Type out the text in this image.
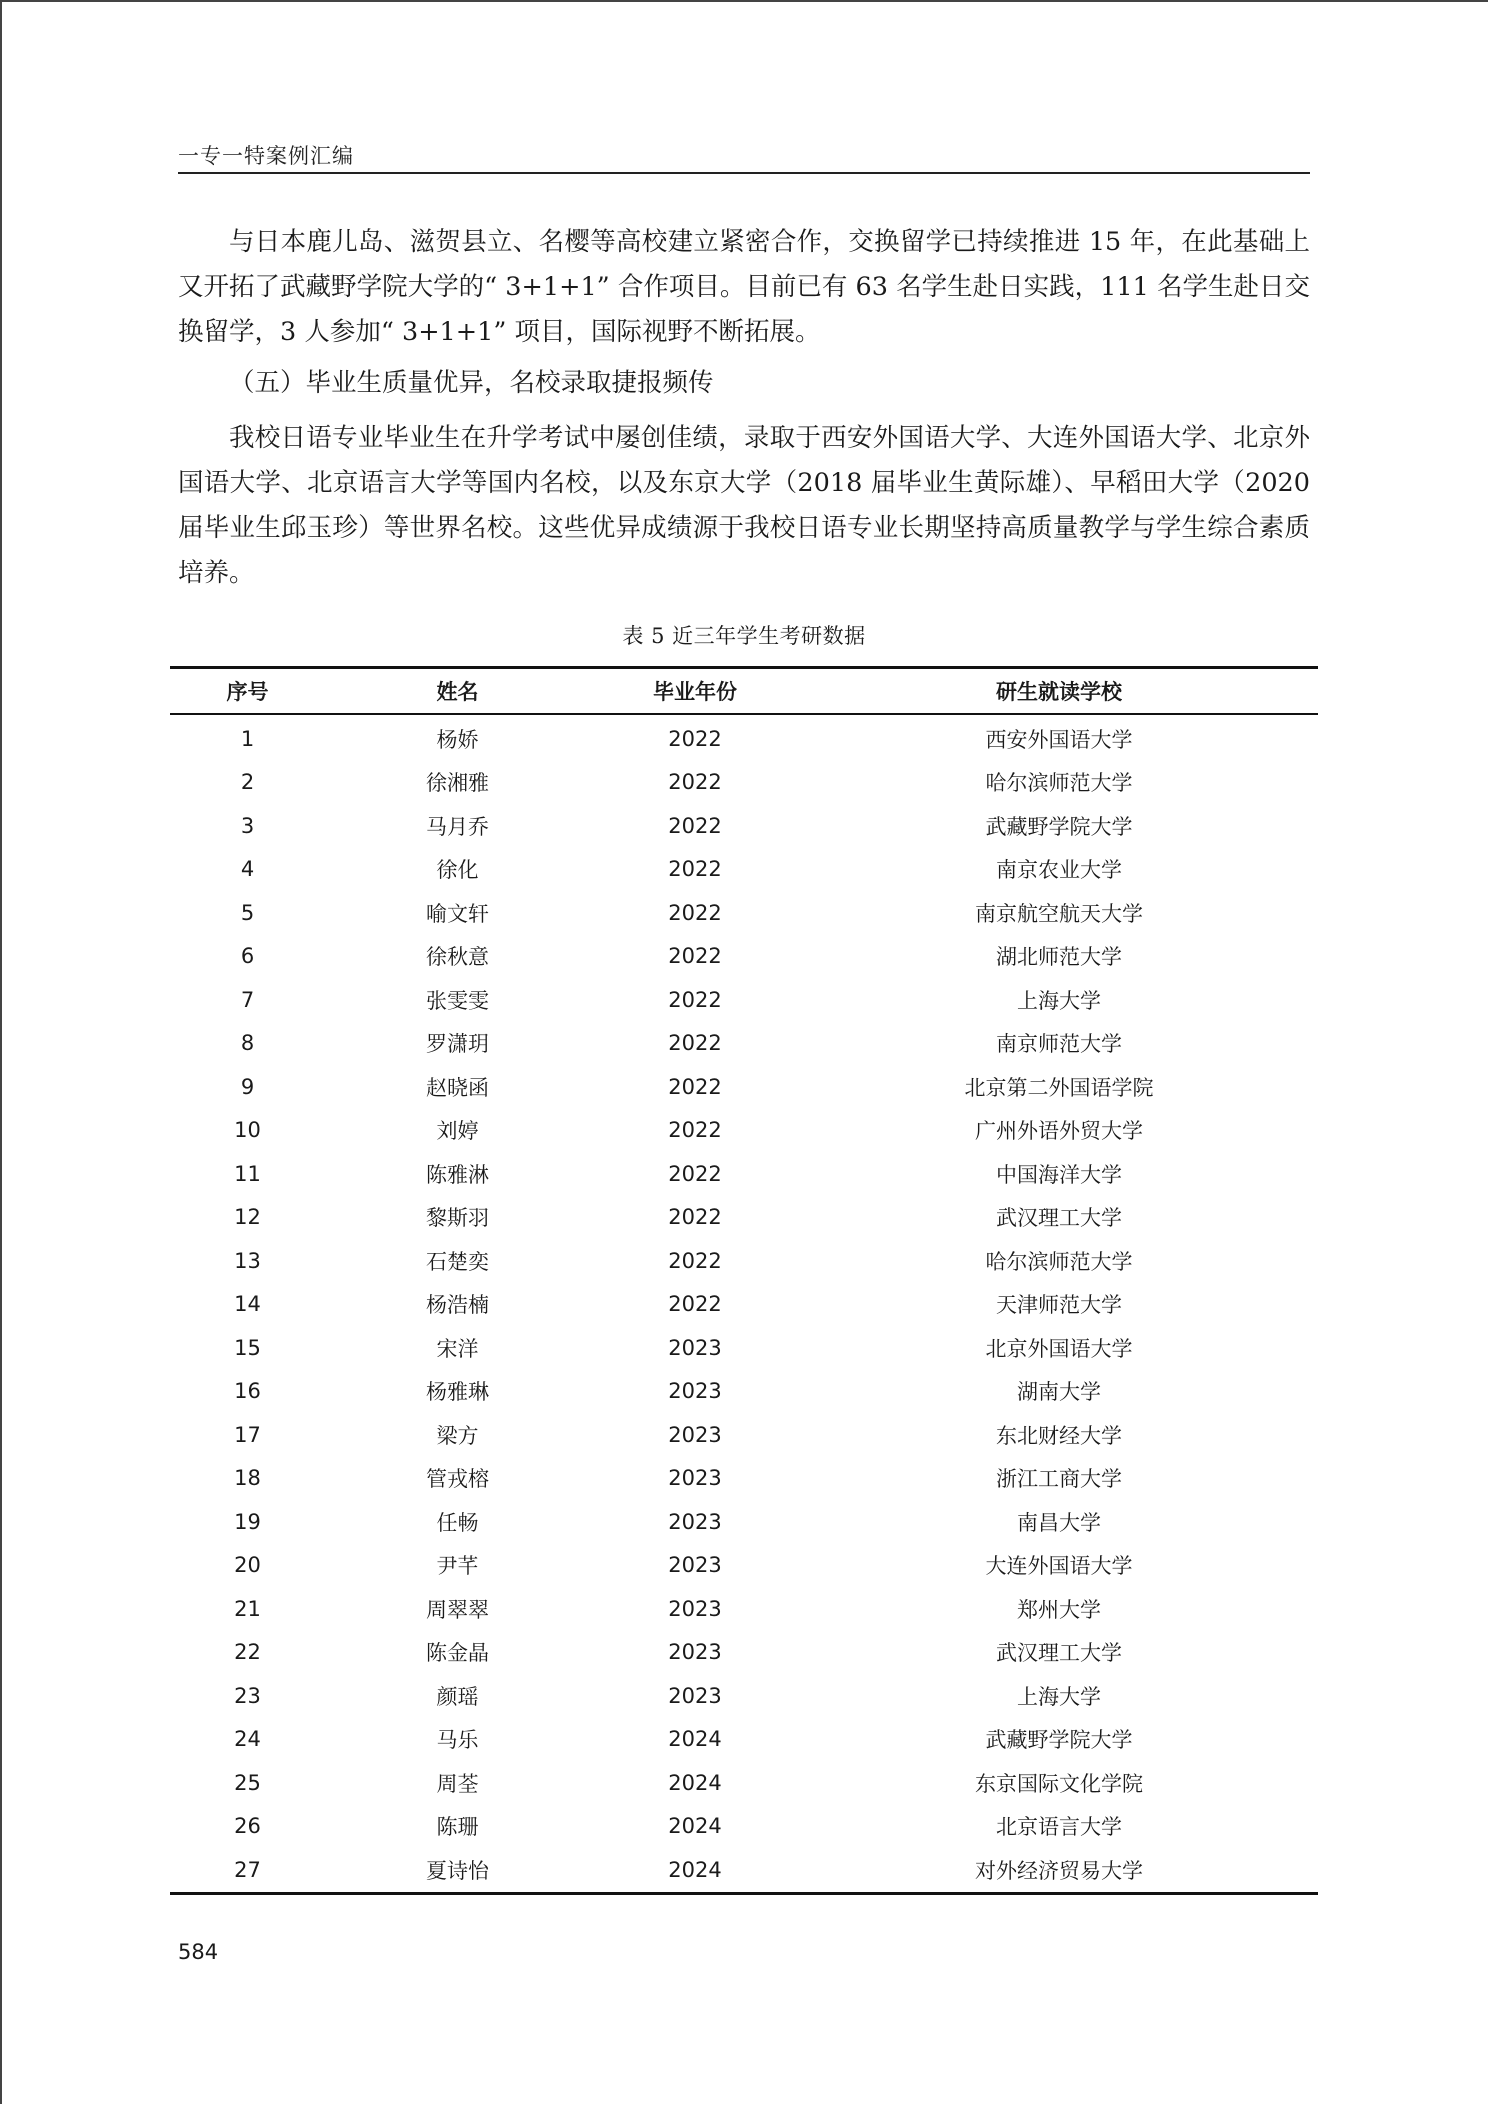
一专一特案例汇编

与日本鹿儿岛、滋贺县立、名樱等高校建立紧密合作，交换留学已持续推进 15 年，在此基础上又开拓了武藏野学院大学的“ 3+1+1” 合作项目。目前已有 63 名学生赴日实践，111 名学生赴日交换留学，3 人参加“ 3+1+1” 项目，国际视野不断拓展。

（五）毕业生质量优异，名校录取捷报频传

我校日语专业毕业生在升学考试中屡创佳绩，录取于西安外国语大学、大连外国语大学、北京外国语大学、北京语言大学等国内名校，以及东京大学（2018 届毕业生黄际雄）、早稻田大学（2020 届毕业生邱玉珍）等世界名校。这些优异成绩源于我校日语专业长期坚持高质量教学与学生综合素质培养。

表 5 近三年学生考研数据
序号	姓名	毕业年份	研生就读学校
1	杨娇	2022	西安外国语大学
2	徐湘雅	2022	哈尔滨师范大学
3	马月乔	2022	武藏野学院大学
4	徐化	2022	南京农业大学
5	喻文轩	2022	南京航空航天大学
6	徐秋意	2022	湖北师范大学
7	张雯雯	2022	上海大学
8	罗潇玥	2022	南京师范大学
9	赵晓函	2022	北京第二外国语学院
10	刘婷	2022	广州外语外贸大学
11	陈雅淋	2022	中国海洋大学
12	黎斯羽	2022	武汉理工大学
13	石楚奕	2022	哈尔滨师范大学
14	杨浩楠	2022	天津师范大学
15	宋洋	2023	北京外国语大学
16	杨雅琳	2023	湖南大学
17	梁方	2023	东北财经大学
18	管戎榕	2023	浙江工商大学
19	任畅	2023	南昌大学
20	尹芊	2023	大连外国语大学
21	周翠翠	2023	郑州大学
22	陈金晶	2023	武汉理工大学
23	颜瑶	2023	上海大学
24	马乐	2024	武藏野学院大学
25	周荃	2024	东京国际文化学院
26	陈珊	2024	北京语言大学
27	夏诗怡	2024	对外经济贸易大学
584
